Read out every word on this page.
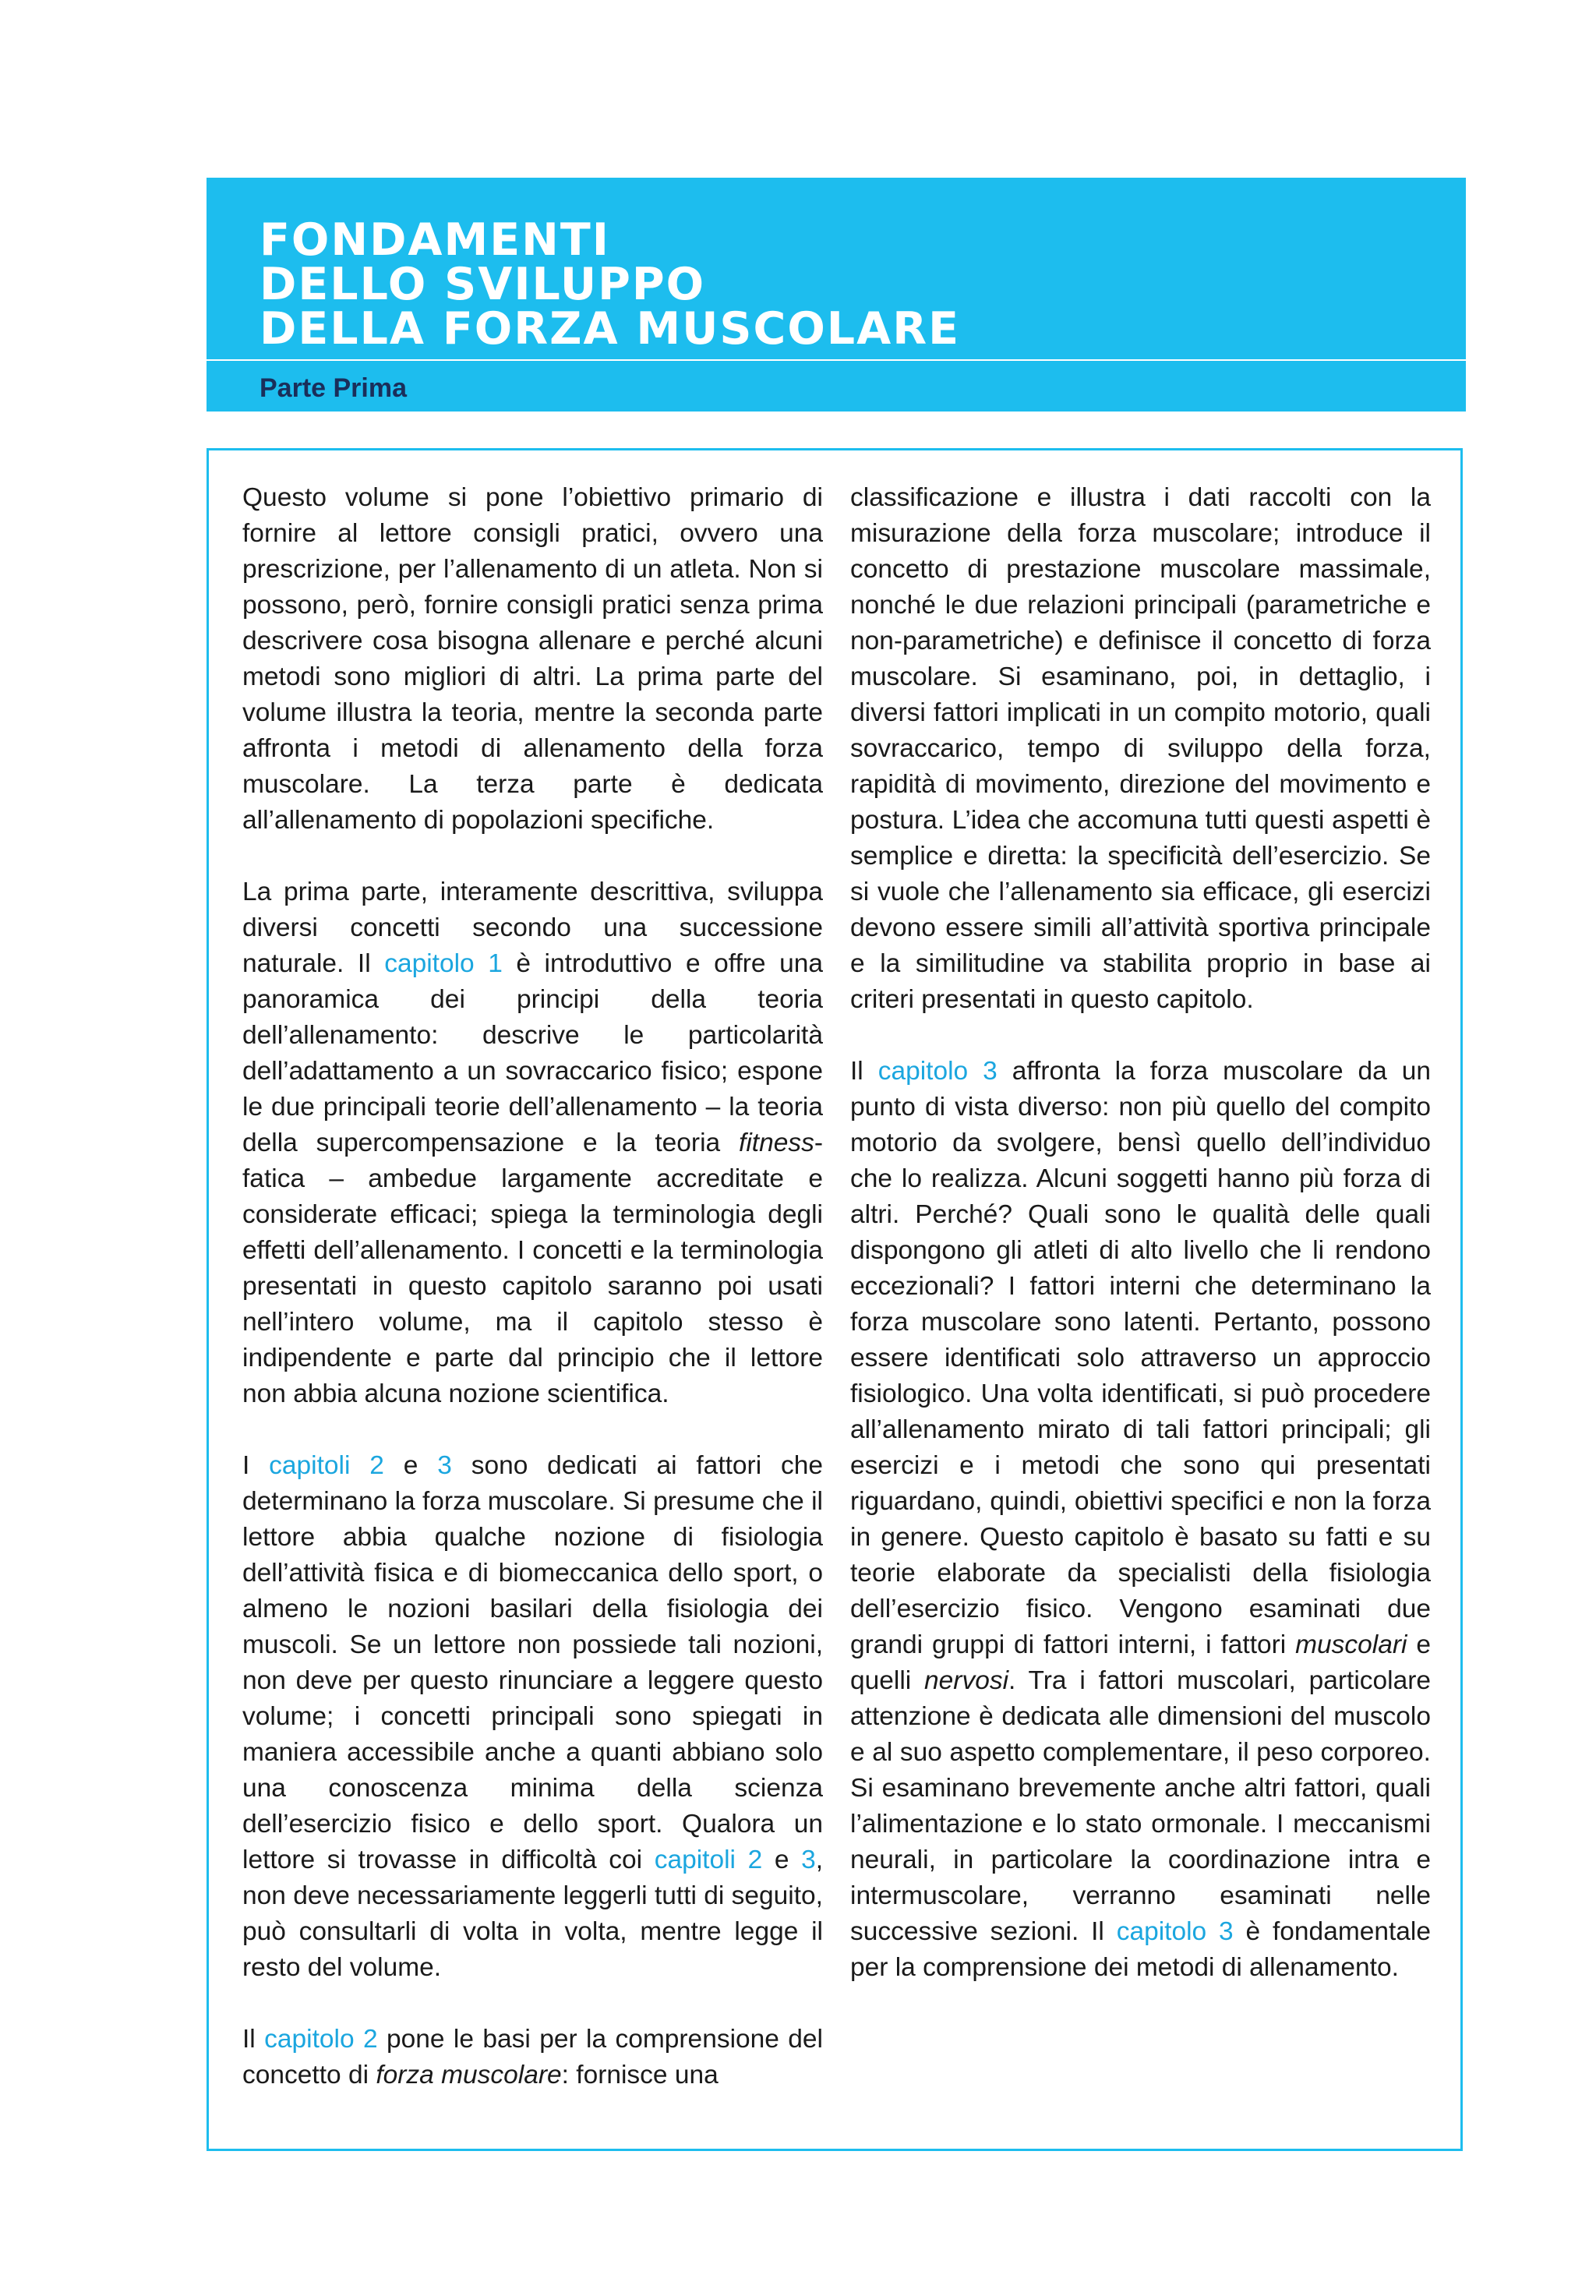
FONDAMENTI
DELLO SVILUPPO
DELLA FORZA MUSCOLARE
Parte Prima

Questo volume si pone l’obiettivo primario di fornire al lettore consigli pratici, ovvero una prescrizione, per l’allenamento di un atleta. Non si possono, però, fornire consigli pratici senza prima descrivere cosa bisogna allenare e perché alcuni metodi sono migliori di altri. La prima parte del volume illustra la teoria, mentre la seconda parte affronta i metodi di allenamento della forza muscolare. La terza parte è dedicata all’allenamento di popolazioni specifiche.

La prima parte, interamente descrittiva, sviluppa diversi concetti secondo una successione naturale. Il capitolo 1 è introduttivo e offre una panoramica dei principi della teoria dell’allenamento: descrive le particolarità dell’adattamento a un sovraccarico fisico; espone le due principali teorie dell’allenamento – la teoria della supercompensazione e la teoria fitness-fatica – ambedue largamente accreditate e considerate efficaci; spiega la terminologia degli effetti dell’allenamento. I concetti e la terminologia presentati in questo capitolo saranno poi usati nell’intero volume, ma il capitolo stesso è indipendente e parte dal principio che il lettore non abbia alcuna nozione scientifica.

I capitoli 2 e 3 sono dedicati ai fattori che determinano la forza muscolare. Si presume che il lettore abbia qualche nozione di fisiologia dell’attività fisica e di biomeccanica dello sport, o almeno le nozioni basilari della fisiologia dei muscoli. Se un lettore non possiede tali nozioni, non deve per questo rinunciare a leggere questo volume; i concetti principali sono spiegati in maniera accessibile anche a quanti abbiano solo una conoscenza minima della scienza dell’esercizio fisico e dello sport. Qualora un lettore si trovasse in difficoltà coi capitoli 2 e 3, non deve necessariamente leggerli tutti di seguito, può consultarli di volta in volta, mentre legge il resto del volume.

Il capitolo 2 pone le basi per la comprensione del concetto di forza muscolare: fornisce una

classificazione e illustra i dati raccolti con la misurazione della forza muscolare; introduce il concetto di prestazione muscolare massimale, nonché le due relazioni principali (parametriche e non-parametriche) e definisce il concetto di forza muscolare. Si esaminano, poi, in dettaglio, i diversi fattori implicati in un compito motorio, quali sovraccarico, tempo di sviluppo della forza, rapidità di movimento, direzione del movimento e postura. L’idea che accomuna tutti questi aspetti è semplice e diretta: la specificità dell’esercizio. Se si vuole che l’allenamento sia efficace, gli esercizi devono essere simili all’attività sportiva principale e la similitudine va stabilita proprio in base ai criteri presentati in questo capitolo.

Il capitolo 3 affronta la forza muscolare da un punto di vista diverso: non più quello del compito motorio da svolgere, bensì quello dell’individuo che lo realizza. Alcuni soggetti hanno più forza di altri. Perché? Quali sono le qualità delle quali dispongono gli atleti di alto livello che li rendono eccezionali? I fattori interni che determinano la forza muscolare sono latenti. Pertanto, possono essere identificati solo attraverso un approccio fisiologico. Una volta identificati, si può procedere all’allenamento mirato di tali fattori principali; gli esercizi e i metodi che sono qui presentati riguardano, quindi, obiettivi specifici e non la forza in genere. Questo capitolo è basato su fatti e su teorie elaborate da specialisti della fisiologia dell’esercizio fisico. Vengono esaminati due grandi gruppi di fattori interni, i fattori muscolari e quelli nervosi. Tra i fattori muscolari, particolare attenzione è dedicata alle dimensioni del muscolo e al suo aspetto complementare, il peso corporeo. Si esaminano brevemente anche altri fattori, quali l’alimentazione e lo stato ormonale. I meccanismi neurali, in particolare la coordinazione intra e intermuscolare, verranno esaminati nelle successive sezioni. Il capitolo 3 è fondamentale per la comprensione dei metodi di allenamento.
